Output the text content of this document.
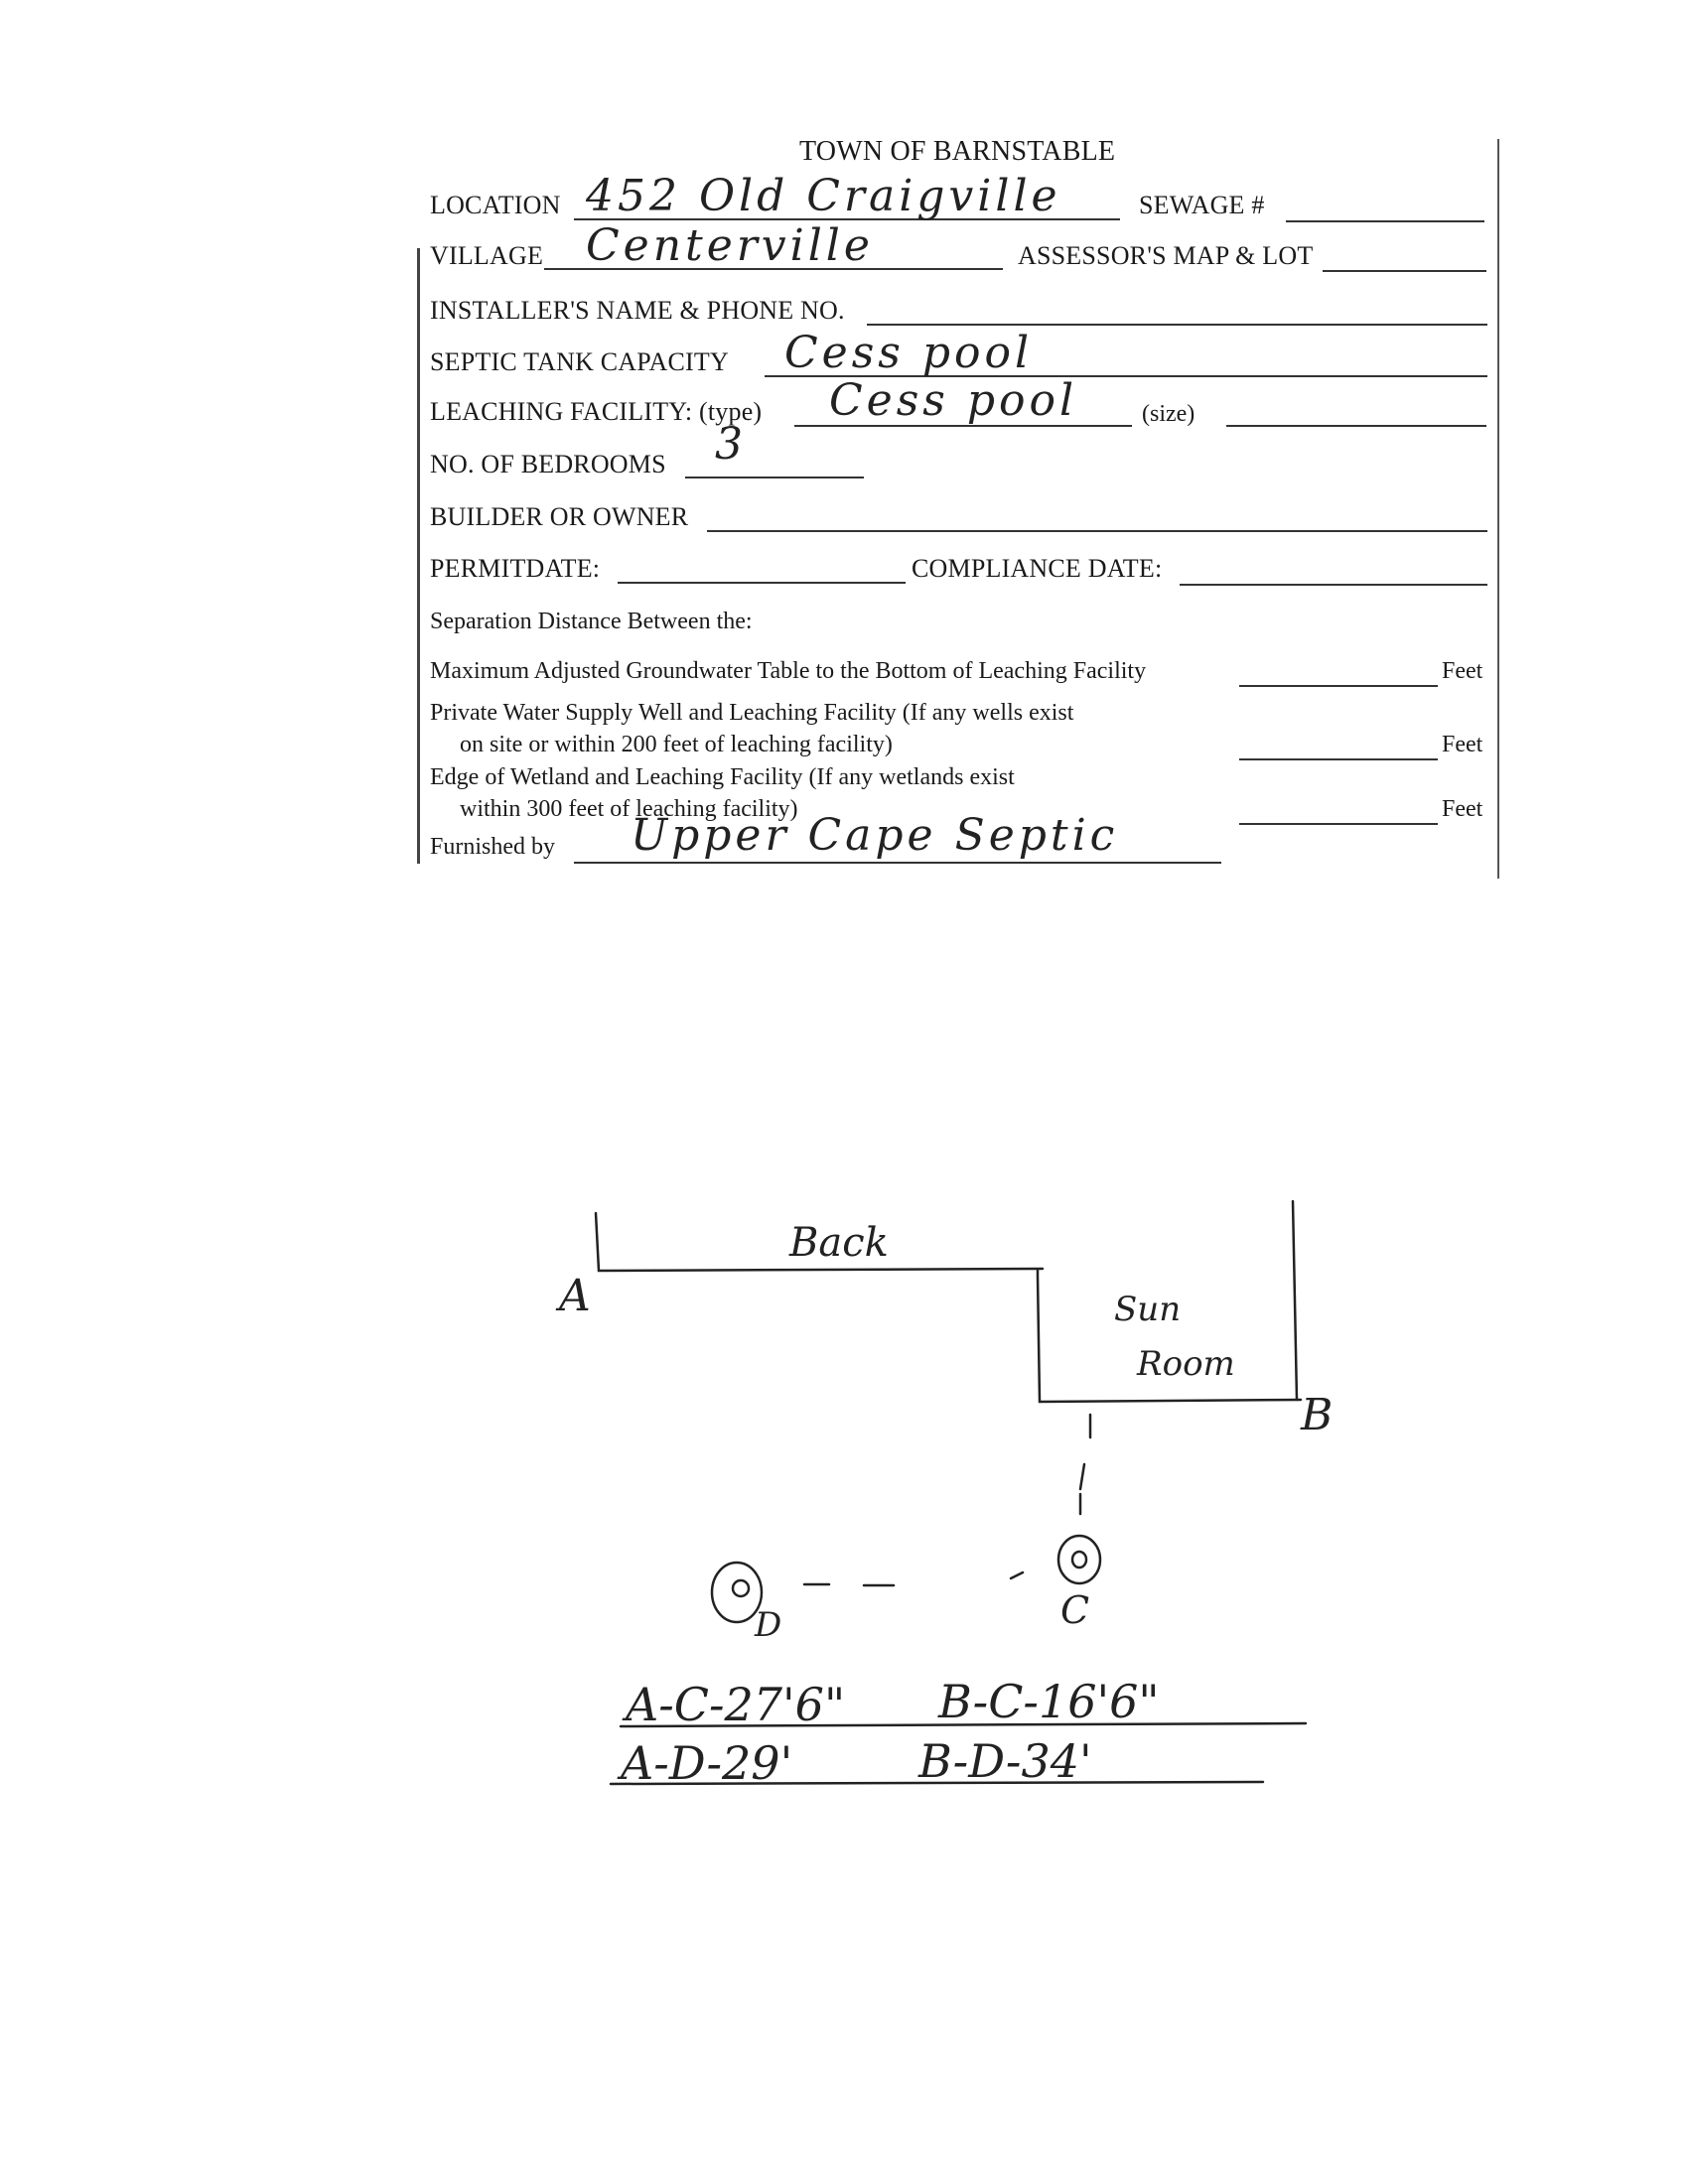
TOWN OF BARNSTABLE
LOCATION 452 Old Craigville	SEWAGE #
VILLAGE Centerville	ASSESSOR'S MAP & LOT
INSTALLER'S NAME & PHONE NO.
SEPTIC TANK CAPACITY Cess pool
LEACHING FACILITY: (type) Cess pool	(size)
NO. OF BEDROOMS 3
BUILDER OR OWNER
PERMITDATE:	COMPLIANCE DATE:
Separation Distance Between the:
Maximum Adjusted Groundwater Table to the Bottom of Leaching Facility	Feet
Private Water Supply Well and Leaching Facility (If any wells exist
on site or within 200 feet of leaching facility)	Feet
Edge of Wetland and Leaching Facility (If any wetlands exist
within 300 feet of leaching facility)	Feet
Furnished by Upper Cape Septic
Back
Sun
Room
A
B
C
D
A-C-27'6" B-C-16'6"
A-D-29'	B-D-34'
